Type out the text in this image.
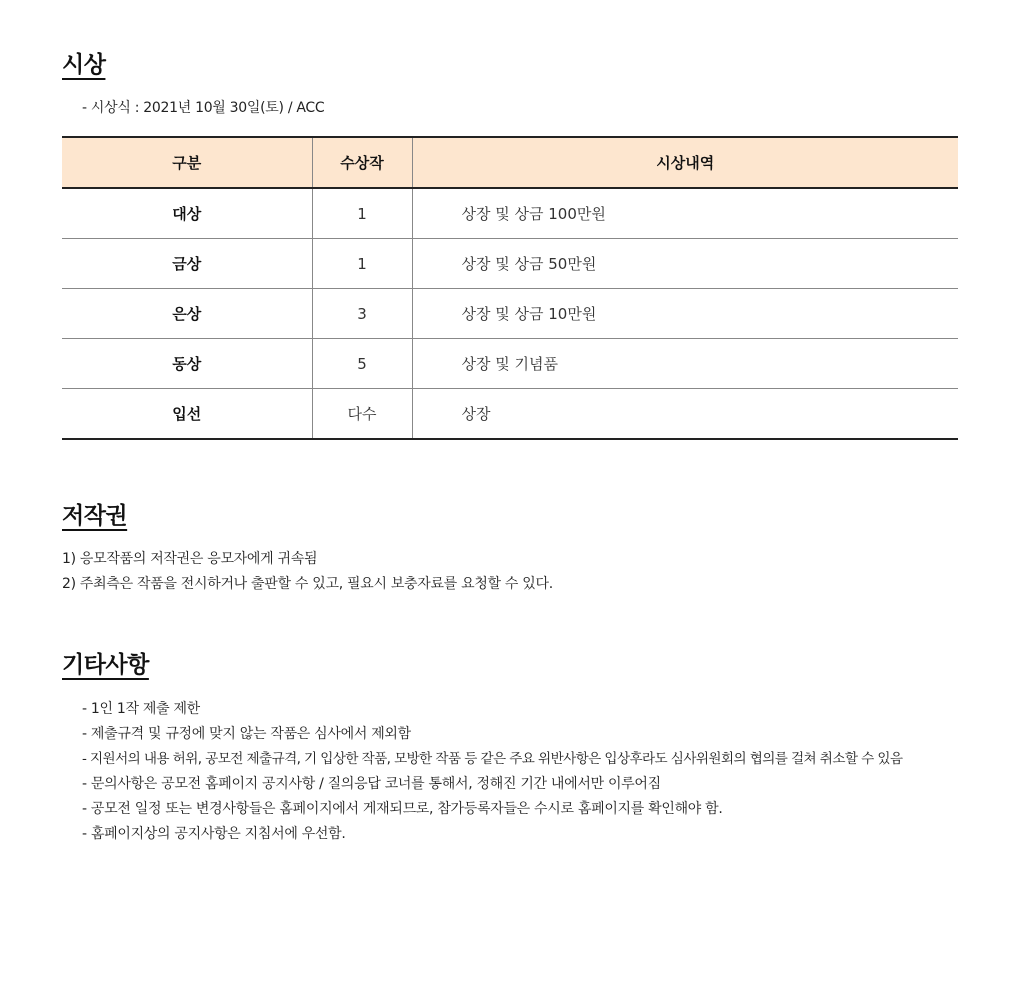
시상

- 시상식 : 2021년 10월 30일(토) / ACC

구분	수상작	시상내역
대상	1	상장 및 상금 100만원
금상	1	상장 및 상금 50만원
은상	3	상장 및 상금 10만원
동상	5	상장 및 기념품
입선	다수	상장
저작권

1) 응모작품의 저작권은 응모자에게 귀속됨

2) 주최측은 작품을 전시하거나 출판할 수 있고, 필요시 보충자료를 요청할 수 있다.

기타사항

- 1인 1작 제출 제한

- 제출규격 및 규정에 맞지 않는 작품은 심사에서 제외함

- 지원서의 내용 허위, 공모전 제출규격, 기 입상한 작품, 모방한 작품 등 같은 주요 위반사항은 입상후라도 심사위원회의 협의를 걸쳐 취소할 수 있음

- 문의사항은 공모전 홈페이지 공지사항 / 질의응답 코너를 통해서, 정해진 기간 내에서만 이루어짐

- 공모전 일정 또는 변경사항들은 홈페이지에서 게재되므로, 참가등록자들은 수시로 홈페이지를 확인해야 함.

- 홈페이지상의 공지사항은 지침서에 우선함.
